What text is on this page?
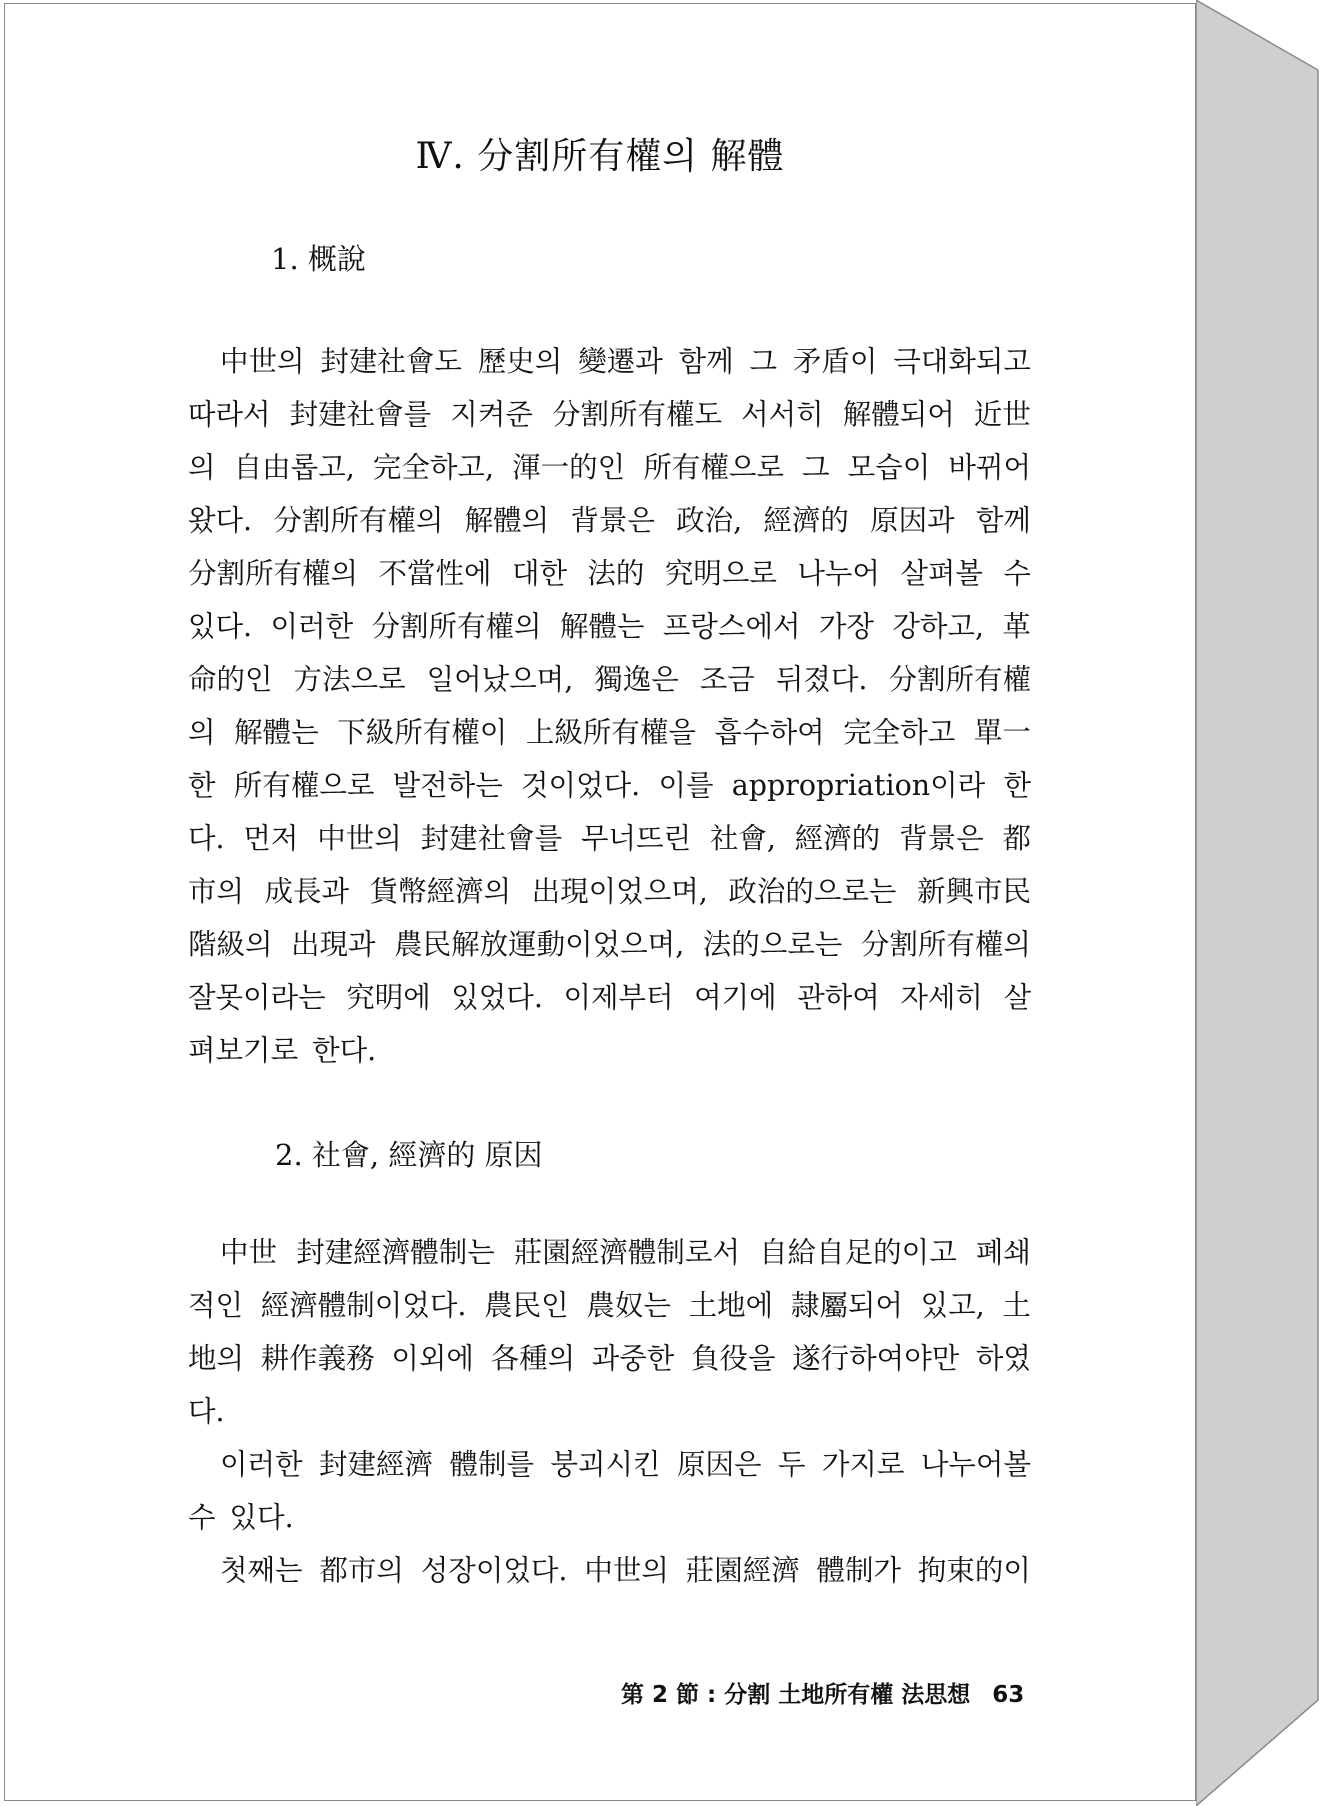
Ⅳ. 分割所有權의 解體
1. 概說
中世의 封建社會도 歷史의 變遷과 함께 그 矛盾이 극대화되고
따라서 封建社會를 지켜준 分割所有權도 서서히 解體되어 近世
의 自由롭고, 完全하고, 渾一的인 所有權으로 그 모습이 바뀌어
왔다. 分割所有權의 解體의 背景은 政治, 經濟的 原因과 함께
分割所有權의 不當性에 대한 法的 究明으로 나누어 살펴볼 수
있다. 이러한 分割所有權의 解體는 프랑스에서 가장 강하고, 革
命的인 方法으로 일어났으며, 獨逸은 조금 뒤졌다. 分割所有權
의 解體는 下級所有權이 上級所有權을 흡수하여 完全하고 單一
한 所有權으로 발전하는 것이었다. 이를 appropriation이라 한
다. 먼저 中世의 封建社會를 무너뜨린 社會, 經濟的 背景은 都
市의 成長과 貨幣經濟의 出現이었으며, 政治的으로는 新興市民
階級의 出現과 農民解放運動이었으며, 法的으로는 分割所有權의
잘못이라는 究明에 있었다. 이제부터 여기에 관하여 자세히 살
펴보기로 한다.
2. 社會, 經濟的 原因
中世 封建經濟體制는 莊園經濟體制로서 自給自足的이고 폐쇄
적인 經濟體制이었다. 農民인 農奴는 土地에 隷屬되어 있고, 土
地의 耕作義務 이외에 各種의 과중한 負役을 遂行하여야만 하였
다.
이러한 封建經濟 體制를 붕괴시킨 原因은 두 가지로 나누어볼
수 있다.
첫째는 都市의 성장이었다. 中世의 莊園經濟 體制가 拘束的이
第 2 節 : 分割 土地所有權 法思想 63
